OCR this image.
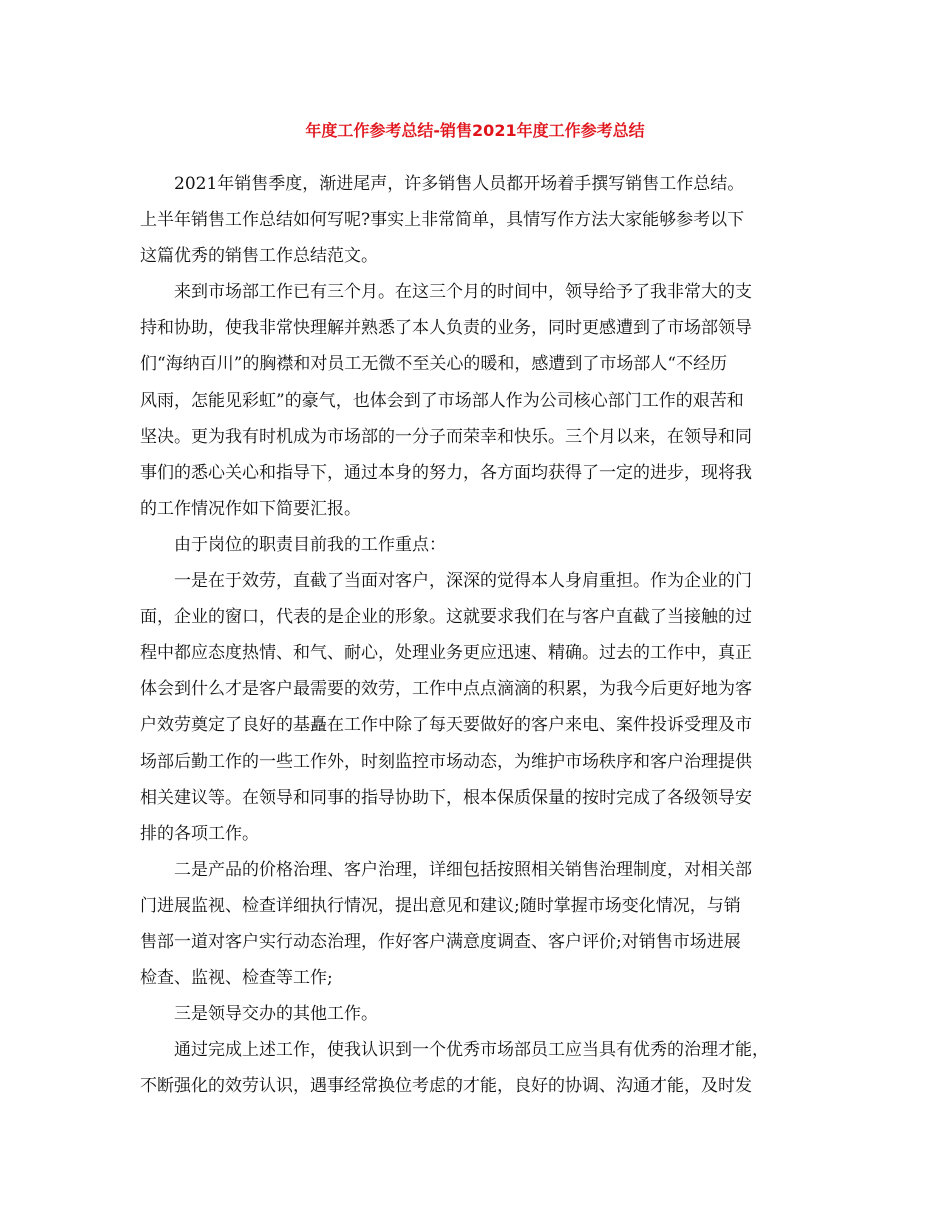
年度工作参考总结-销售2021年度工作参考总结
2021年销售季度，渐进尾声，许多销售人员都开场着手撰写销售工作总结。
上半年销售工作总结如何写呢?事实上非常简单，具情写作方法大家能够参考以下
这篇优秀的销售工作总结范文。
来到市场部工作已有三个月。在这三个月的时间中，领导给予了我非常大的支
持和协助，使我非常快理解并熟悉了本人负责的业务，同时更感遭到了市场部领导
们“海纳百川”的胸襟和对员工无微不至关心的暖和，感遭到了市场部人“不经历
风雨，怎能见彩虹”的豪气，也体会到了市场部人作为公司核心部门工作的艰苦和
坚决。更为我有时机成为市场部的一分子而荣幸和快乐。三个月以来，在领导和同
事们的悉心关心和指导下，通过本身的努力，各方面均获得了一定的进步，现将我
的工作情况作如下简要汇报。
由于岗位的职责目前我的工作重点：
一是在于效劳，直截了当面对客户，深深的觉得本人身肩重担。作为企业的门
面，企业的窗口，代表的是企业的形象。这就要求我们在与客户直截了当接触的过
程中都应态度热情、和气、耐心，处理业务更应迅速、精确。过去的工作中，真正
体会到什么才是客户最需要的效劳，工作中点点滴滴的积累，为我今后更好地为客
户效劳奠定了良好的基矗在工作中除了每天要做好的客户来电、案件投诉受理及市
场部后勤工作的一些工作外，时刻监控市场动态，为维护市场秩序和客户治理提供
相关建议等。在领导和同事的指导协助下，根本保质保量的按时完成了各级领导安
排的各项工作。
二是产品的价格治理、客户治理，详细包括按照相关销售治理制度，对相关部
门进展监视、检查详细执行情况，提出意见和建议;随时掌握市场变化情况，与销
售部一道对客户实行动态治理，作好客户满意度调查、客户评价;对销售市场进展
检查、监视、检查等工作;
三是领导交办的其他工作。
通过完成上述工作，使我认识到一个优秀市场部员工应当具有优秀的治理才能，
不断强化的效劳认识，遇事经常换位考虑的才能，良好的协调、沟通才能，及时发
